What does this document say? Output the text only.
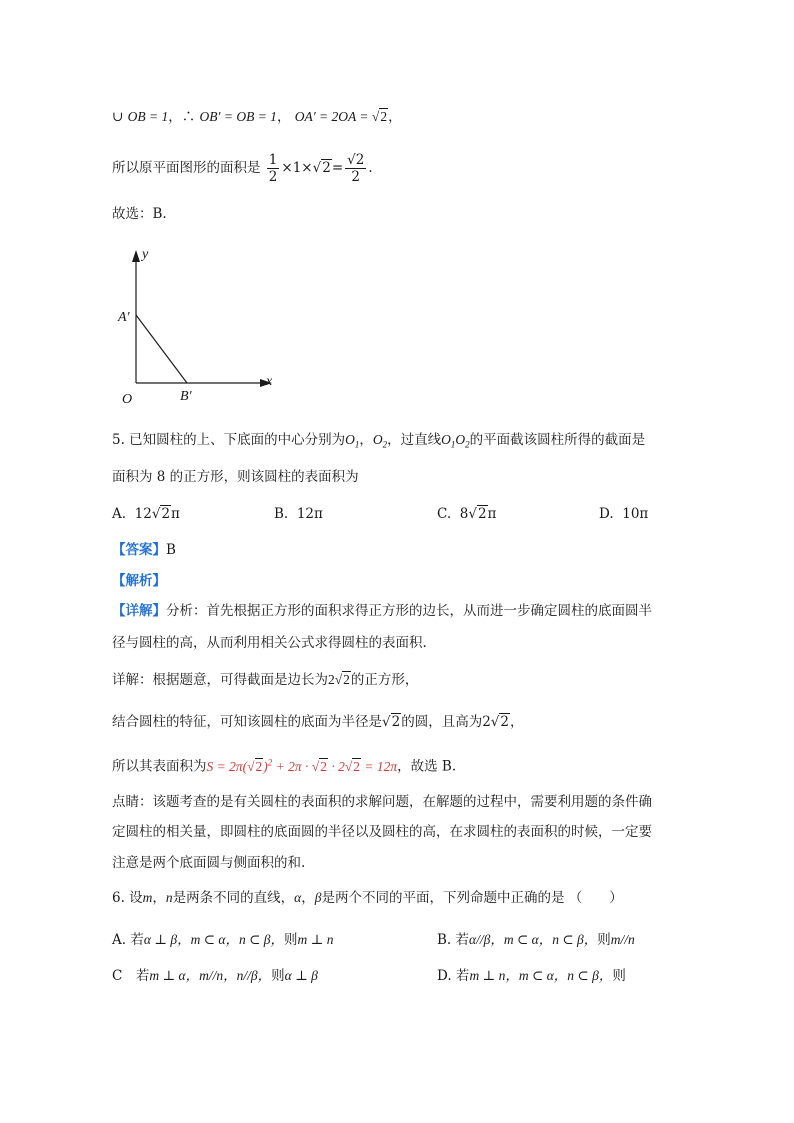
∪ OB = 1，∴ OB′ = OB = 1， OA′ = 2OA = √2，
所以原平面图形的面积是 $\frac{1}{2} \times 1\times√2= \frac{√2}{2}$ .
故选：B.
y
x
O
A′
B′
5. 已知圆柱的上、下底面的中心分别为$O_1$，$O_2$，过直线$O_1O_2$的平面截该圆柱所得的截面是
面积为 8 的正方形，则该圆柱的表面积为
A. 12√2π	B. 12π	C. 8√2π	D. 10π
【答案】B
【解析】
【详解】分析：首先根据正方形的面积求得正方形的边长，从而进一步确定圆柱的底面圆半
径与圆柱的高，从而利用相关公式求得圆柱的表面积.
详解：根据题意，可得截面是边长为2√2的正方形，
结合圆柱的特征，可知该圆柱的底面为半径是√2的圆，且高为2√2，
所以其表面积为$S = 2\pi(√2)^2 + 2\pi \cdot √2 \cdot 2√2 = 12\pi$，故选 B.
点睛：该题考查的是有关圆柱的表面积的求解问题，在解题的过程中，需要利用题的条件确
定圆柱的相关量，即圆柱的底面圆的半径以及圆柱的高，在求圆柱的表面积的时候，一定要
注意是两个底面圆与侧面积的和.
6. 设m，n是两条不同的直线，α，β是两个不同的平面，下列命题中正确的是 （　　）
A. 若α ⊥ β，m ⊂ α，n ⊂ β，则m ⊥ n	B. 若α//β，m ⊂ α，n ⊂ β，则m//n
C　若m ⊥ α，m//n，n//β，则α ⊥ β	D. 若m ⊥ n，m ⊂ α，n ⊂ β，则
